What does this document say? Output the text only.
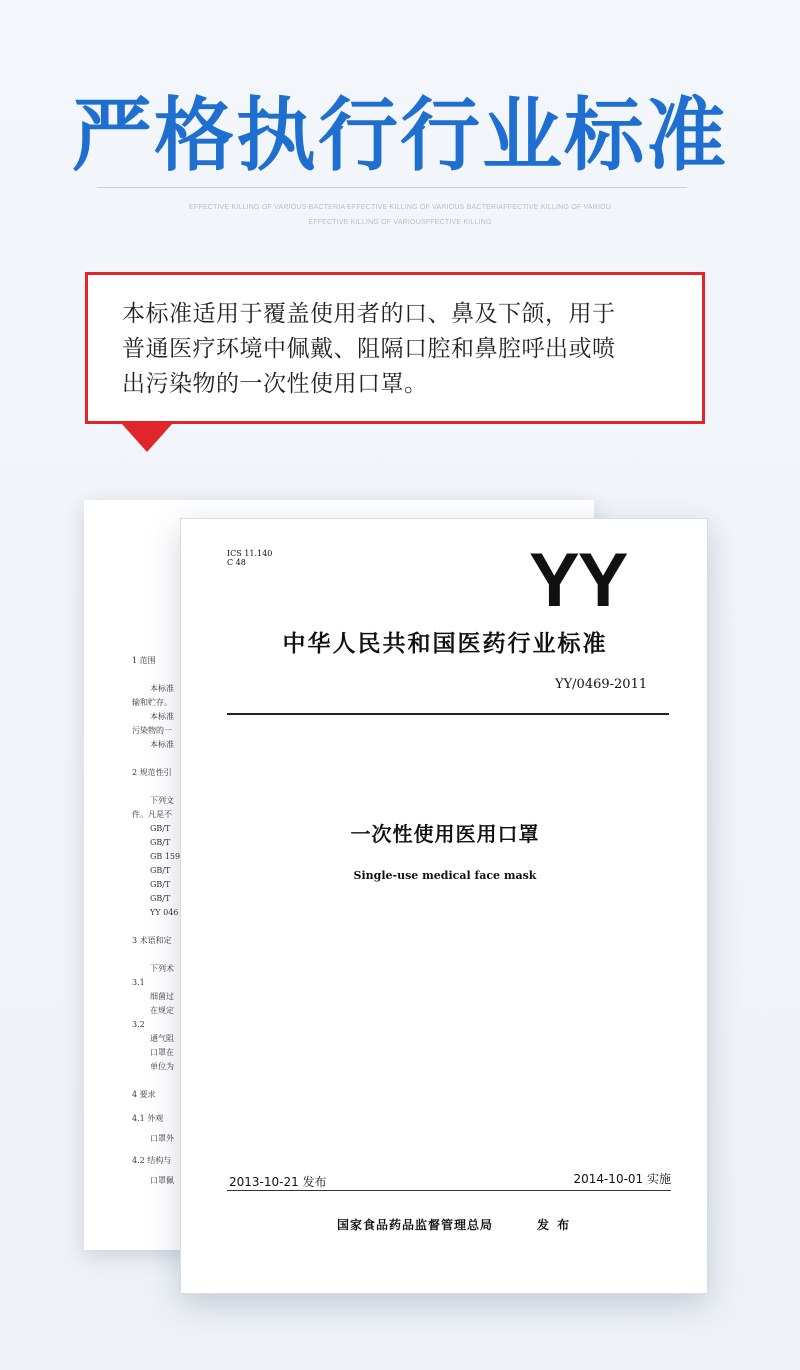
严格执行行业标准
EFFECTIVE KILLING OF VARIOUS BACTERIA EFFECTIVE KILLING OF VARIOUS BACTERIAFFECTIVE KILLING OF VARIOU
EFFECTIVE KILLING OF VARIOUSFFECTIVE KILLING
本标准适用于覆盖使用者的口、鼻及下颌，用于
普通医疗环境中佩戴、阻隔口腔和鼻腔呼出或喷
出污染物的一次性使用口罩。
1 范围
本标准
输和贮存。
本标准
污染物的一
本标准
2 规范性引
下列文
件。凡是不
GB/T
GB/T
GB 159
GB/T
GB/T
GB/T
YY 046
3 术语和定
下列术
3.1
细菌过
在规定
3.2
通气阻
口罩在
单位为
4 要求
4.1 外观
口罩外
4.2 结构与
口罩佩
ICS 11.140
C 48	YY
中华人民共和国医药行业标准
YY/0469-2011
一次性使用医用口罩
Single-use medical face mask
2013-10-21 发布	2014-10-01 实施
国家食品药品监督管理总局	发 布
